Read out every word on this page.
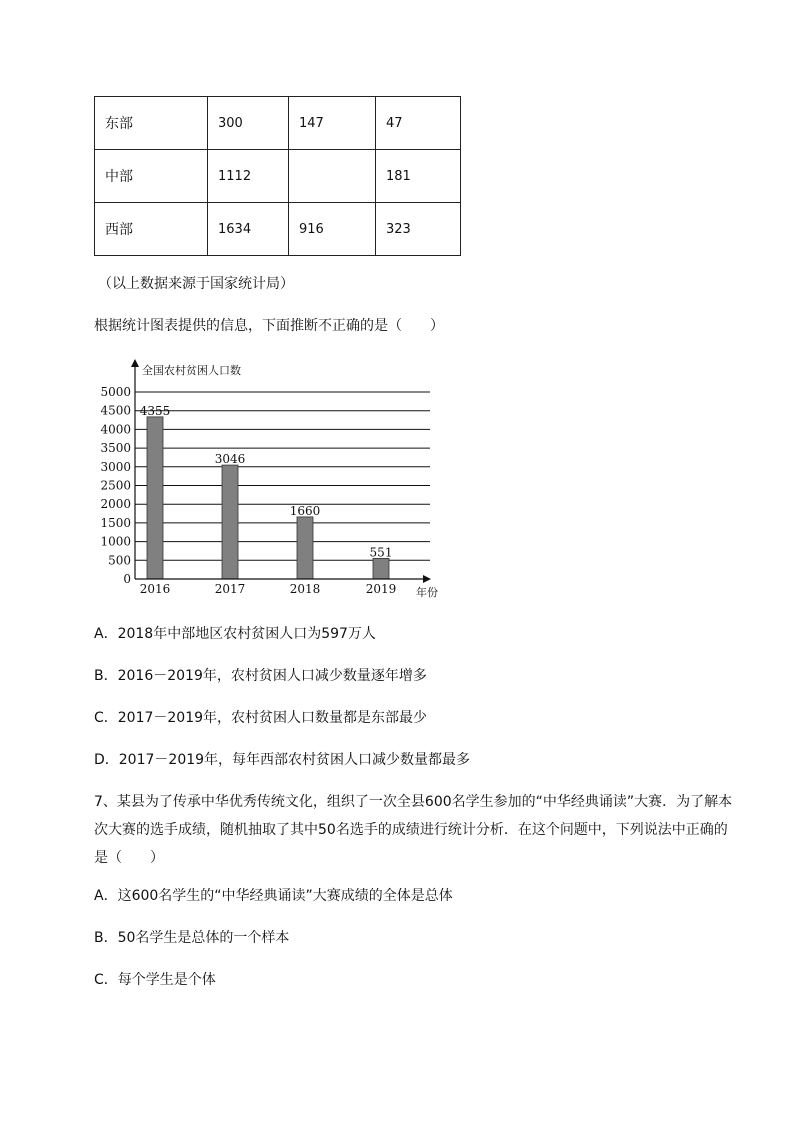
东部	300	147	47
中部	1112		181
西部	1634	916	323
（以上数据来源于国家统计局）
根据统计图表提供的信息，下面推断不正确的是（　　）
0
500
1000
1500
2000
2500
3000
3500
4000
4500
5000
4355
3046
1660
551
2016	2017	2018	2019
全国农村贫困人口数
年份
A．2018年中部地区农村贫困人口为597万人
B．2016－2019年，农村贫困人口减少数量逐年增多
C．2017－2019年，农村贫困人口数量都是东部最少
D．2017－2019年，每年西部农村贫困人口减少数量都最多
7、某县为了传承中华优秀传统文化，组织了一次全县600名学生参加的“中华经典诵读”大赛．为了解本次大赛的选手成绩，随机抽取了其中50名选手的成绩进行统计分析．在这个问题中，下列说法中正确的是（　　）
A．这600名学生的“中华经典诵读”大赛成绩的全体是总体
B．50名学生是总体的一个样本
C．每个学生是个体
